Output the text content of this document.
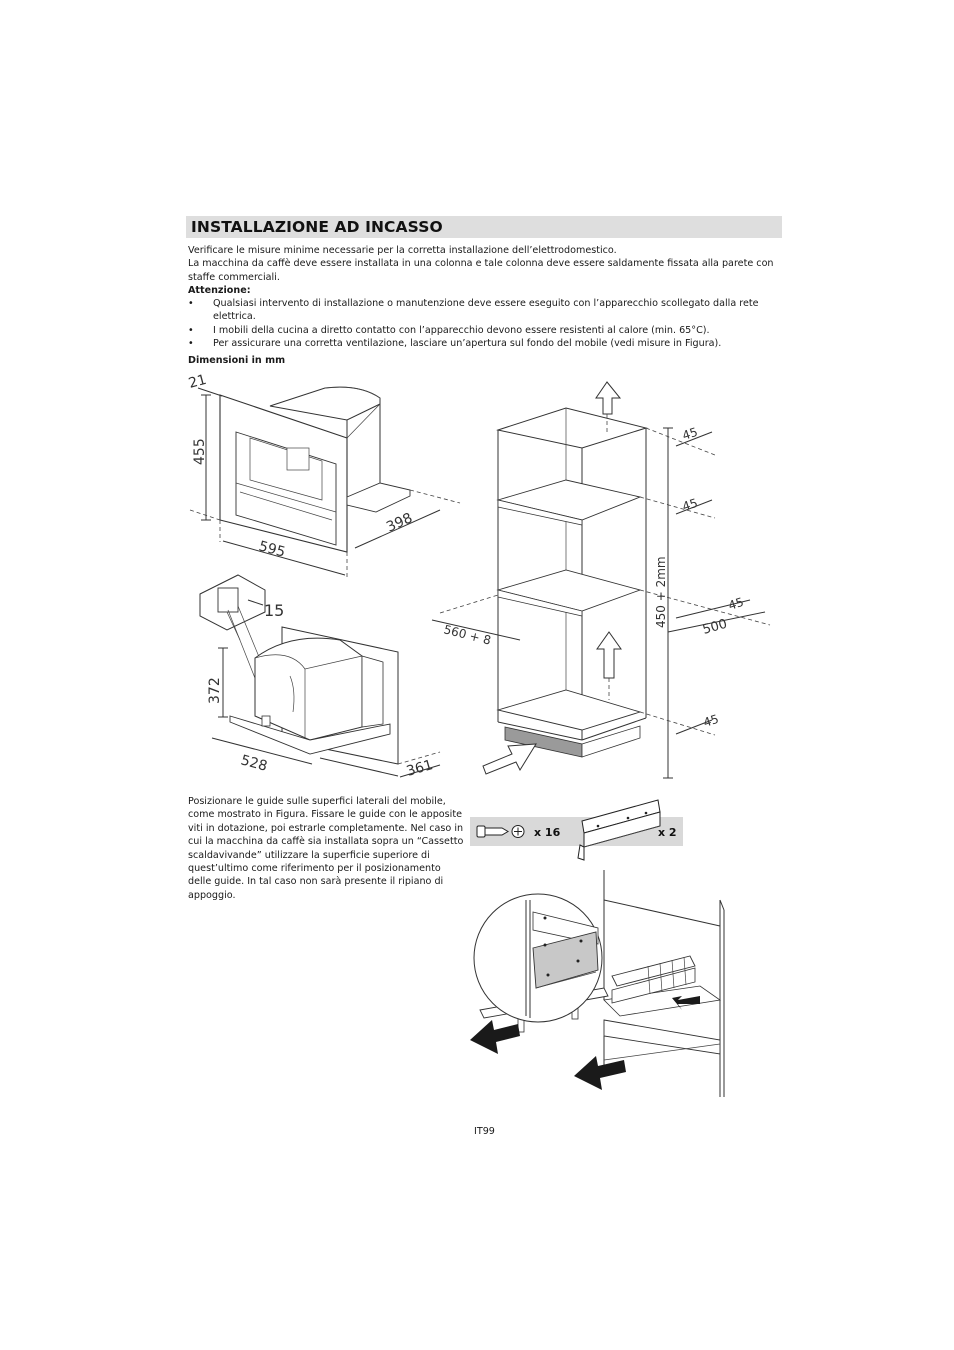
INSTALLAZIONE AD INCASSO

Verificare le misure minime necessarie per la corretta installazione dell’elettrodomestico.

La macchina da caffè deve essere installata in una colonna e tale colonna deve essere saldamente fissata alla parete con staffe commerciali.

Attenzione:

• Qualsiasi intervento di installazione o manutenzione deve essere eseguito con l’apparecchio scollegato dalla rete elettrica.
• I mobili della cucina a diretto contatto con l’apparecchio devono essere resistenti al calore (min. 65°C).
• Per assicurare una corretta ventilazione, lasciare un’apertura sul fondo del mobile (vedi misure in Figura).

Dimensioni in mm

21
455
595
398
15
372
528	361
45
45
45
500
45
560 + 8
450 + 2mm
x 16	x 2

Posizionare le guide sulle superfici laterali del mobile, come mostrato in Figura. Fissare le guide con le apposite viti in dotazione, poi estrarle completamente. Nel caso in cui la macchina da caffè sia installata sopra un “Cassetto scaldavivande” utilizzare la superficie superiore di quest’ultimo come riferimento per il posizionamento delle guide. In tal caso non sarà presente il ripiano di appoggio.

IT99
